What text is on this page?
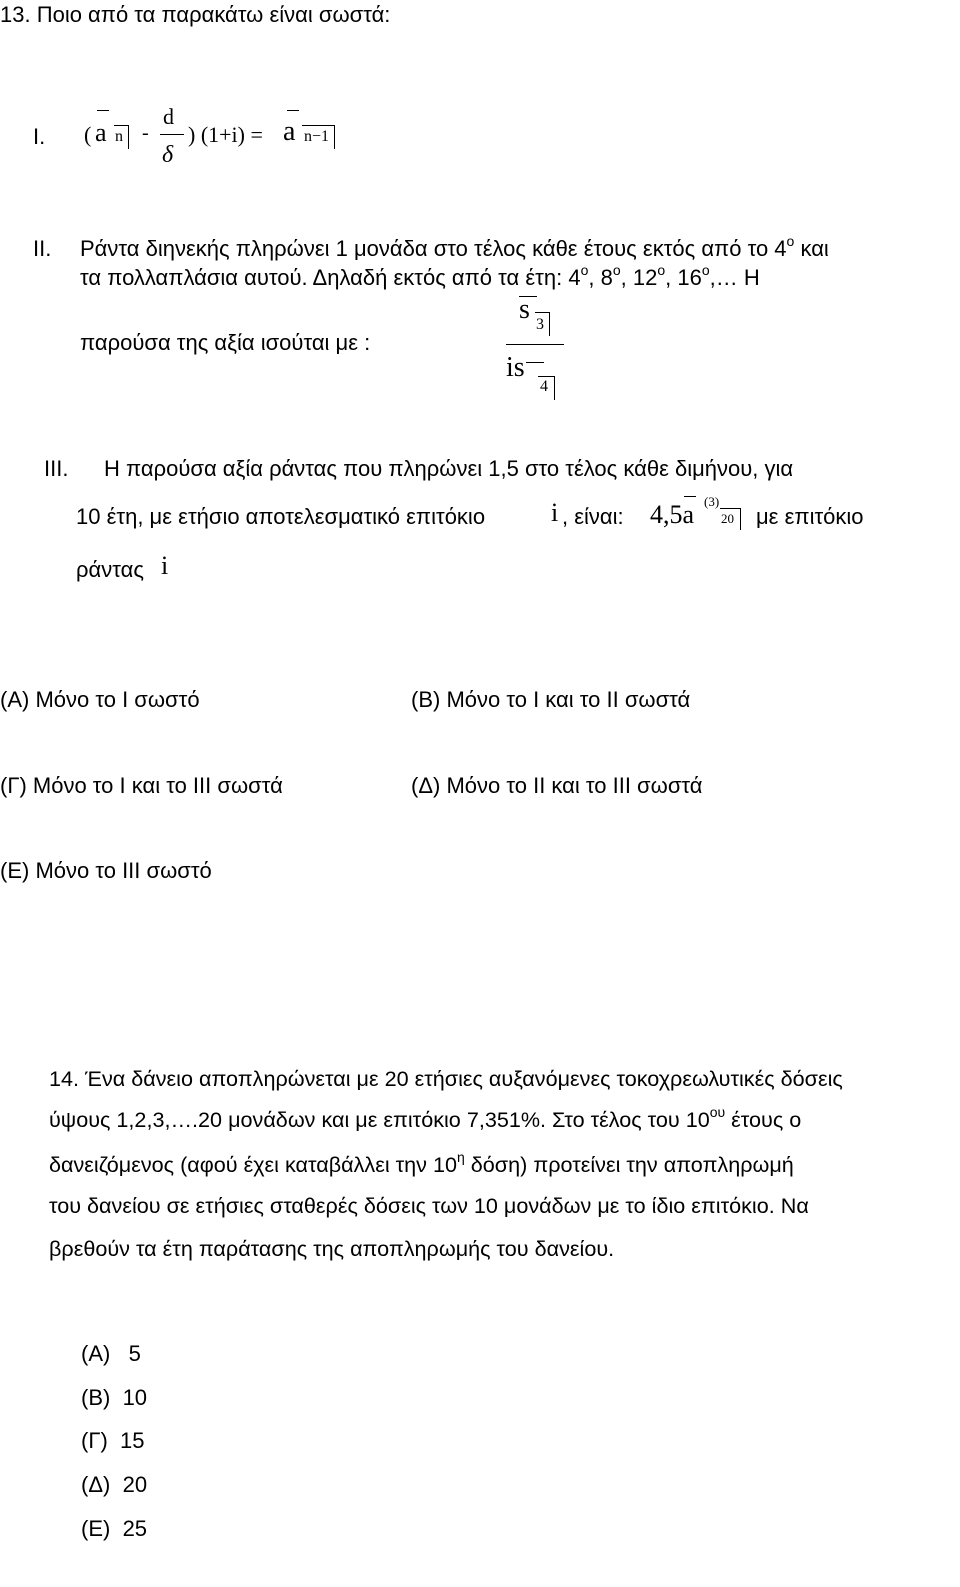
13. Ποιο από τα παρακάτω είναι σωστά:
I. ( a n -
d
δ
) (1+i) = a n−1
II. Ράντα διηνεκής πληρώνει 1 μονάδα στο τέλος κάθε έτους εκτός από το $4^o$ και
τα πολλαπλάσια αυτού. Δηλαδή εκτός από τα έτη: $4^o$, $8^o$, $12^o$, $16^o,\dots$ Η
παρούσα της αξία ισούται με :
s 3
is
4
III. Η παρούσα αξία ράντας που πληρώνει 1,5 στο τέλος κάθε διμήνου, για
10 έτη, με ετήσιο αποτελεσματικό επιτόκιο	i , είναι: 4,5a (3)
20 με επιτόκιο
ράντας i
(Α) Μόνο το Ι σωστό	(Β) Μόνο το Ι και το ΙΙ σωστά
(Γ) Μόνο το Ι και το ΙΙΙ σωστά	(Δ) Μόνο το ΙΙ και το ΙΙΙ σωστά
(Ε) Μόνο το ΙΙΙ σωστό
14. Ένα δάνειο αποπληρώνεται με 20 ετήσιες αυξανόμενες τοκοχρεωλυτικές δόσεις
ύψους 1,2,3,….20 μονάδων και με επιτόκιο 7,351%. Στο τέλος του $10^{o\upsilon}$ έτους ο
δανειζόμενος (αφού έχει καταβάλλει την $10^\eta$ δόση) προτείνει την αποπληρωμή
του δανείου σε ετήσιες σταθερές δόσεις των 10 μονάδων με το ίδιο επιτόκιο. Να
βρεθούν τα έτη παράτασης της αποπληρωμής του δανείου.
(Α) 5
(Β) 10
(Γ) 15
(Δ) 20
(Ε) 25
